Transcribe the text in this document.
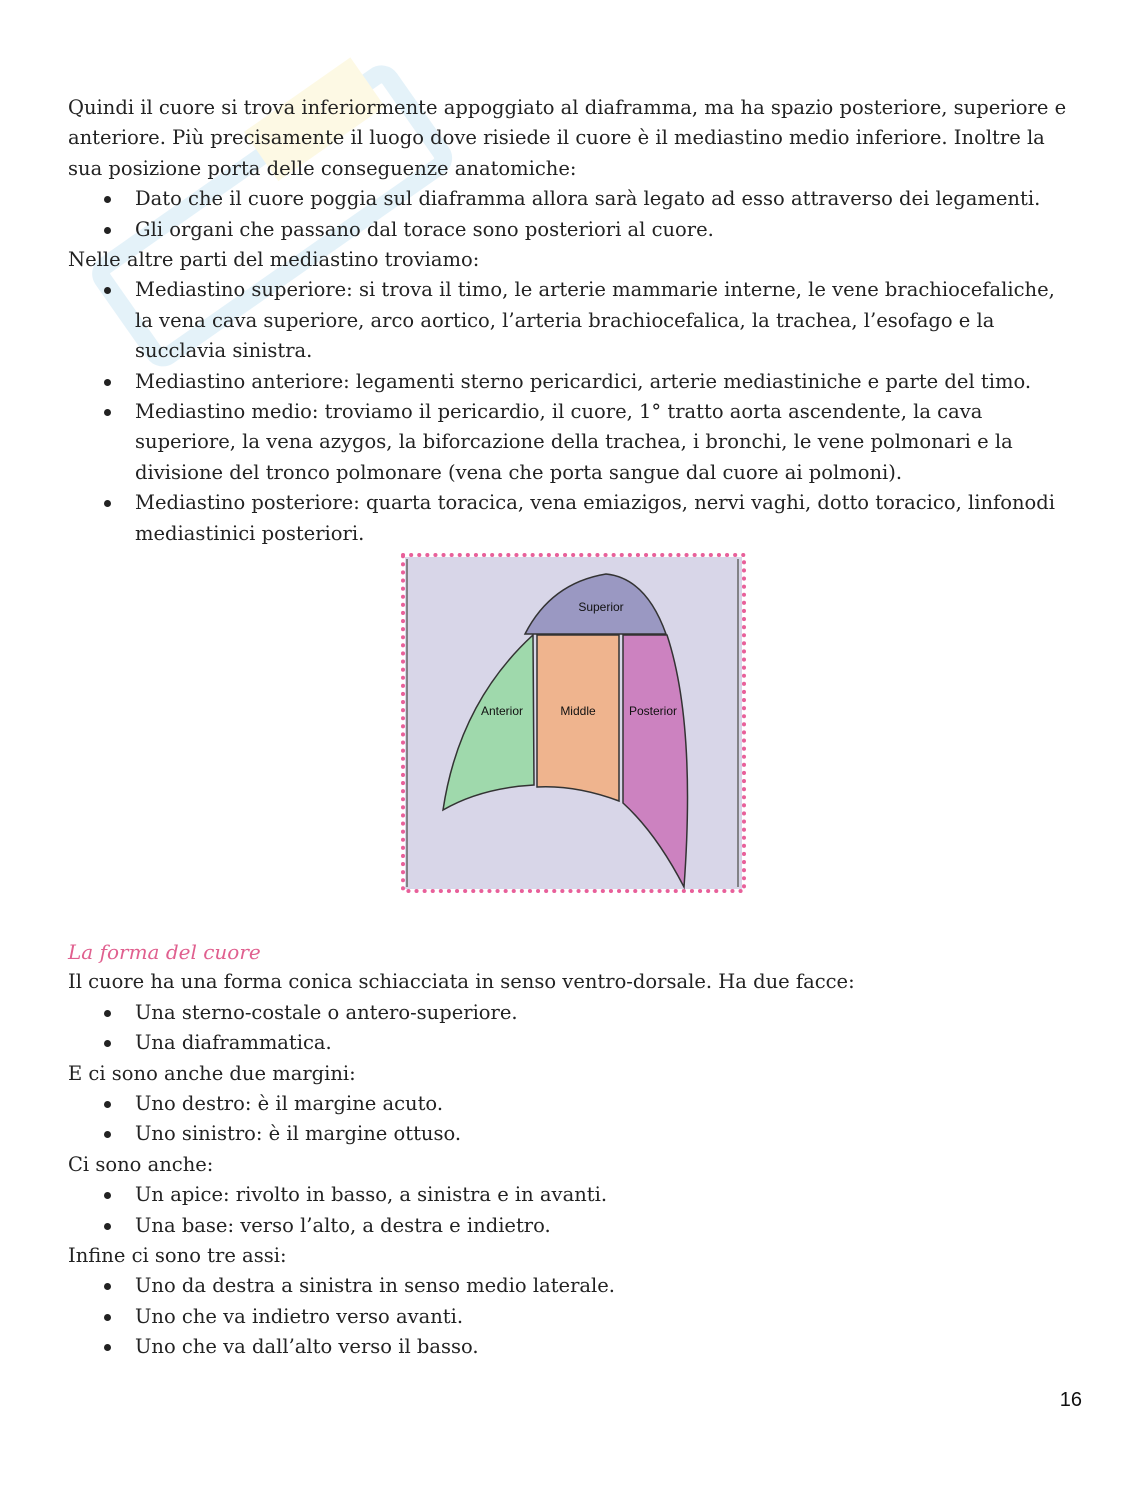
Quindi il cuore si trova inferiormente appoggiato al diaframma, ma ha spazio posteriore, superiore e anteriore. Più precisamente il luogo dove risiede il cuore è il mediastino medio inferiore. Inoltre la sua posizione porta delle conseguenze anatomiche:

Dato che il cuore poggia sul diaframma allora sarà legato ad esso attraverso dei legamenti.
Gli organi che passano dal torace sono posteriori al cuore.

Nelle altre parti del mediastino troviamo:

Mediastino superiore: si trova il timo, le arterie mammarie interne, le vene brachiocefaliche, la vena cava superiore, arco aortico, l’arteria brachiocefalica, la trachea, l’esofago e la succlavia sinistra.
Mediastino anteriore: legamenti sterno pericardici, arterie mediastiniche e parte del timo.
Mediastino medio: troviamo il pericardio, il cuore, 1° tratto aorta ascendente, la cava superiore, la vena azygos, la biforcazione della trachea, i bronchi, le vene polmonari e la divisione del tronco polmonare (vena che porta sangue dal cuore ai polmoni).
Mediastino posteriore: quarta toracica, vena emiazigos, nervi vaghi, dotto toracico, linfonodi mediastinici posteriori.
Superior
Anterior	Middle	Posterior

La forma del cuore

Il cuore ha una forma conica schiacciata in senso ventro-dorsale. Ha due facce:

Una sterno-costale o antero-superiore.
Una diaframmatica.

E ci sono anche due margini:

Uno destro: è il margine acuto.
Uno sinistro: è il margine ottuso.

Ci sono anche:

Un apice: rivolto in basso, a sinistra e in avanti.
Una base: verso l’alto, a destra e indietro.

Infine ci sono tre assi:

Uno da destra a sinistra in senso medio laterale.
Uno che va indietro verso avanti.
Uno che va dall’alto verso il basso.
16
